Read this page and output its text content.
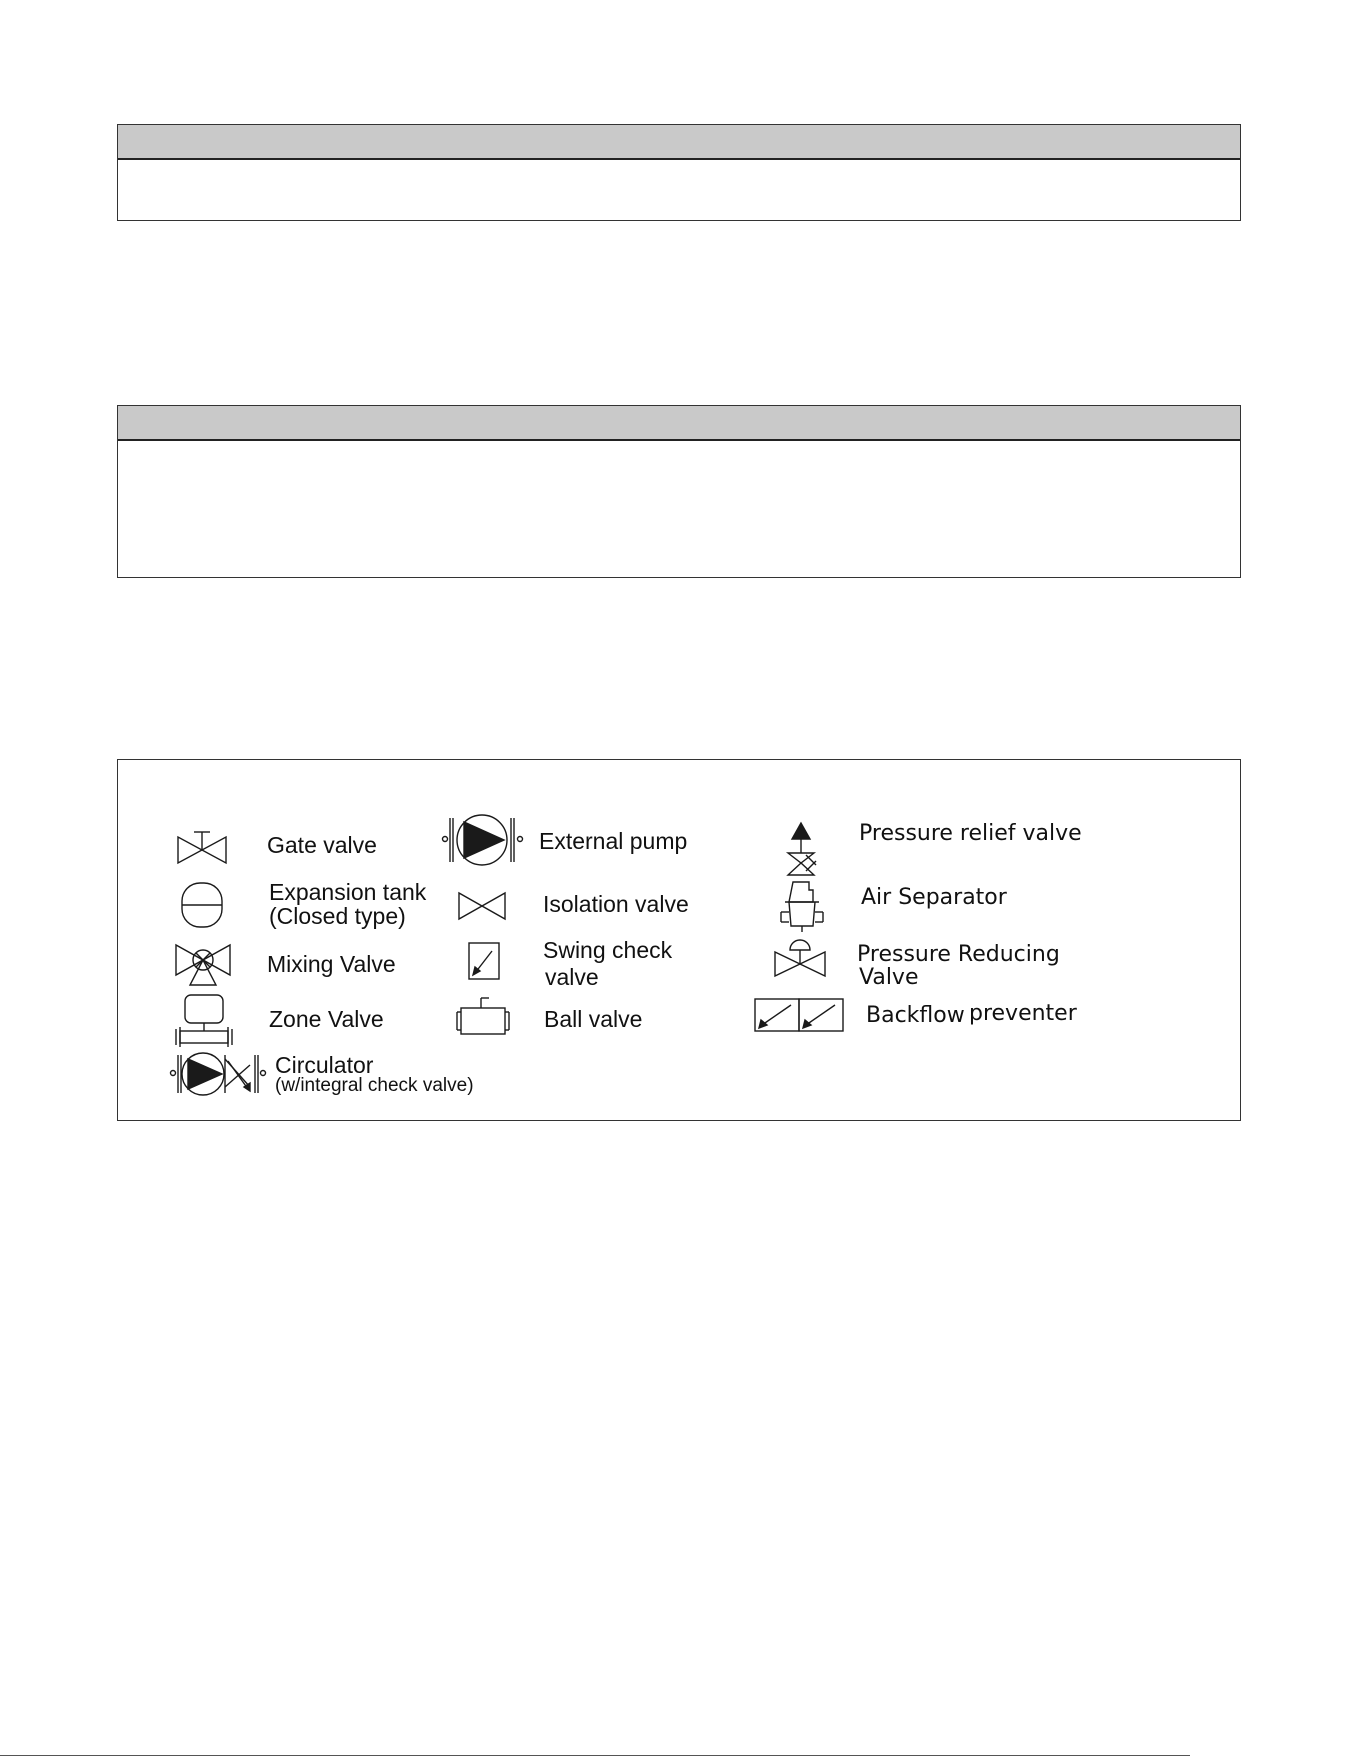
Gate valve
Expansion tank
(Closed type)
Mixing Valve
Zone Valve
Circulator
(w/integral check valve)
External pump
Isolation valve
Swing check
valve
Ball valve
Pressure relief valve
Air Separator
Pressure Reducing
Valve
Backflow preventer
